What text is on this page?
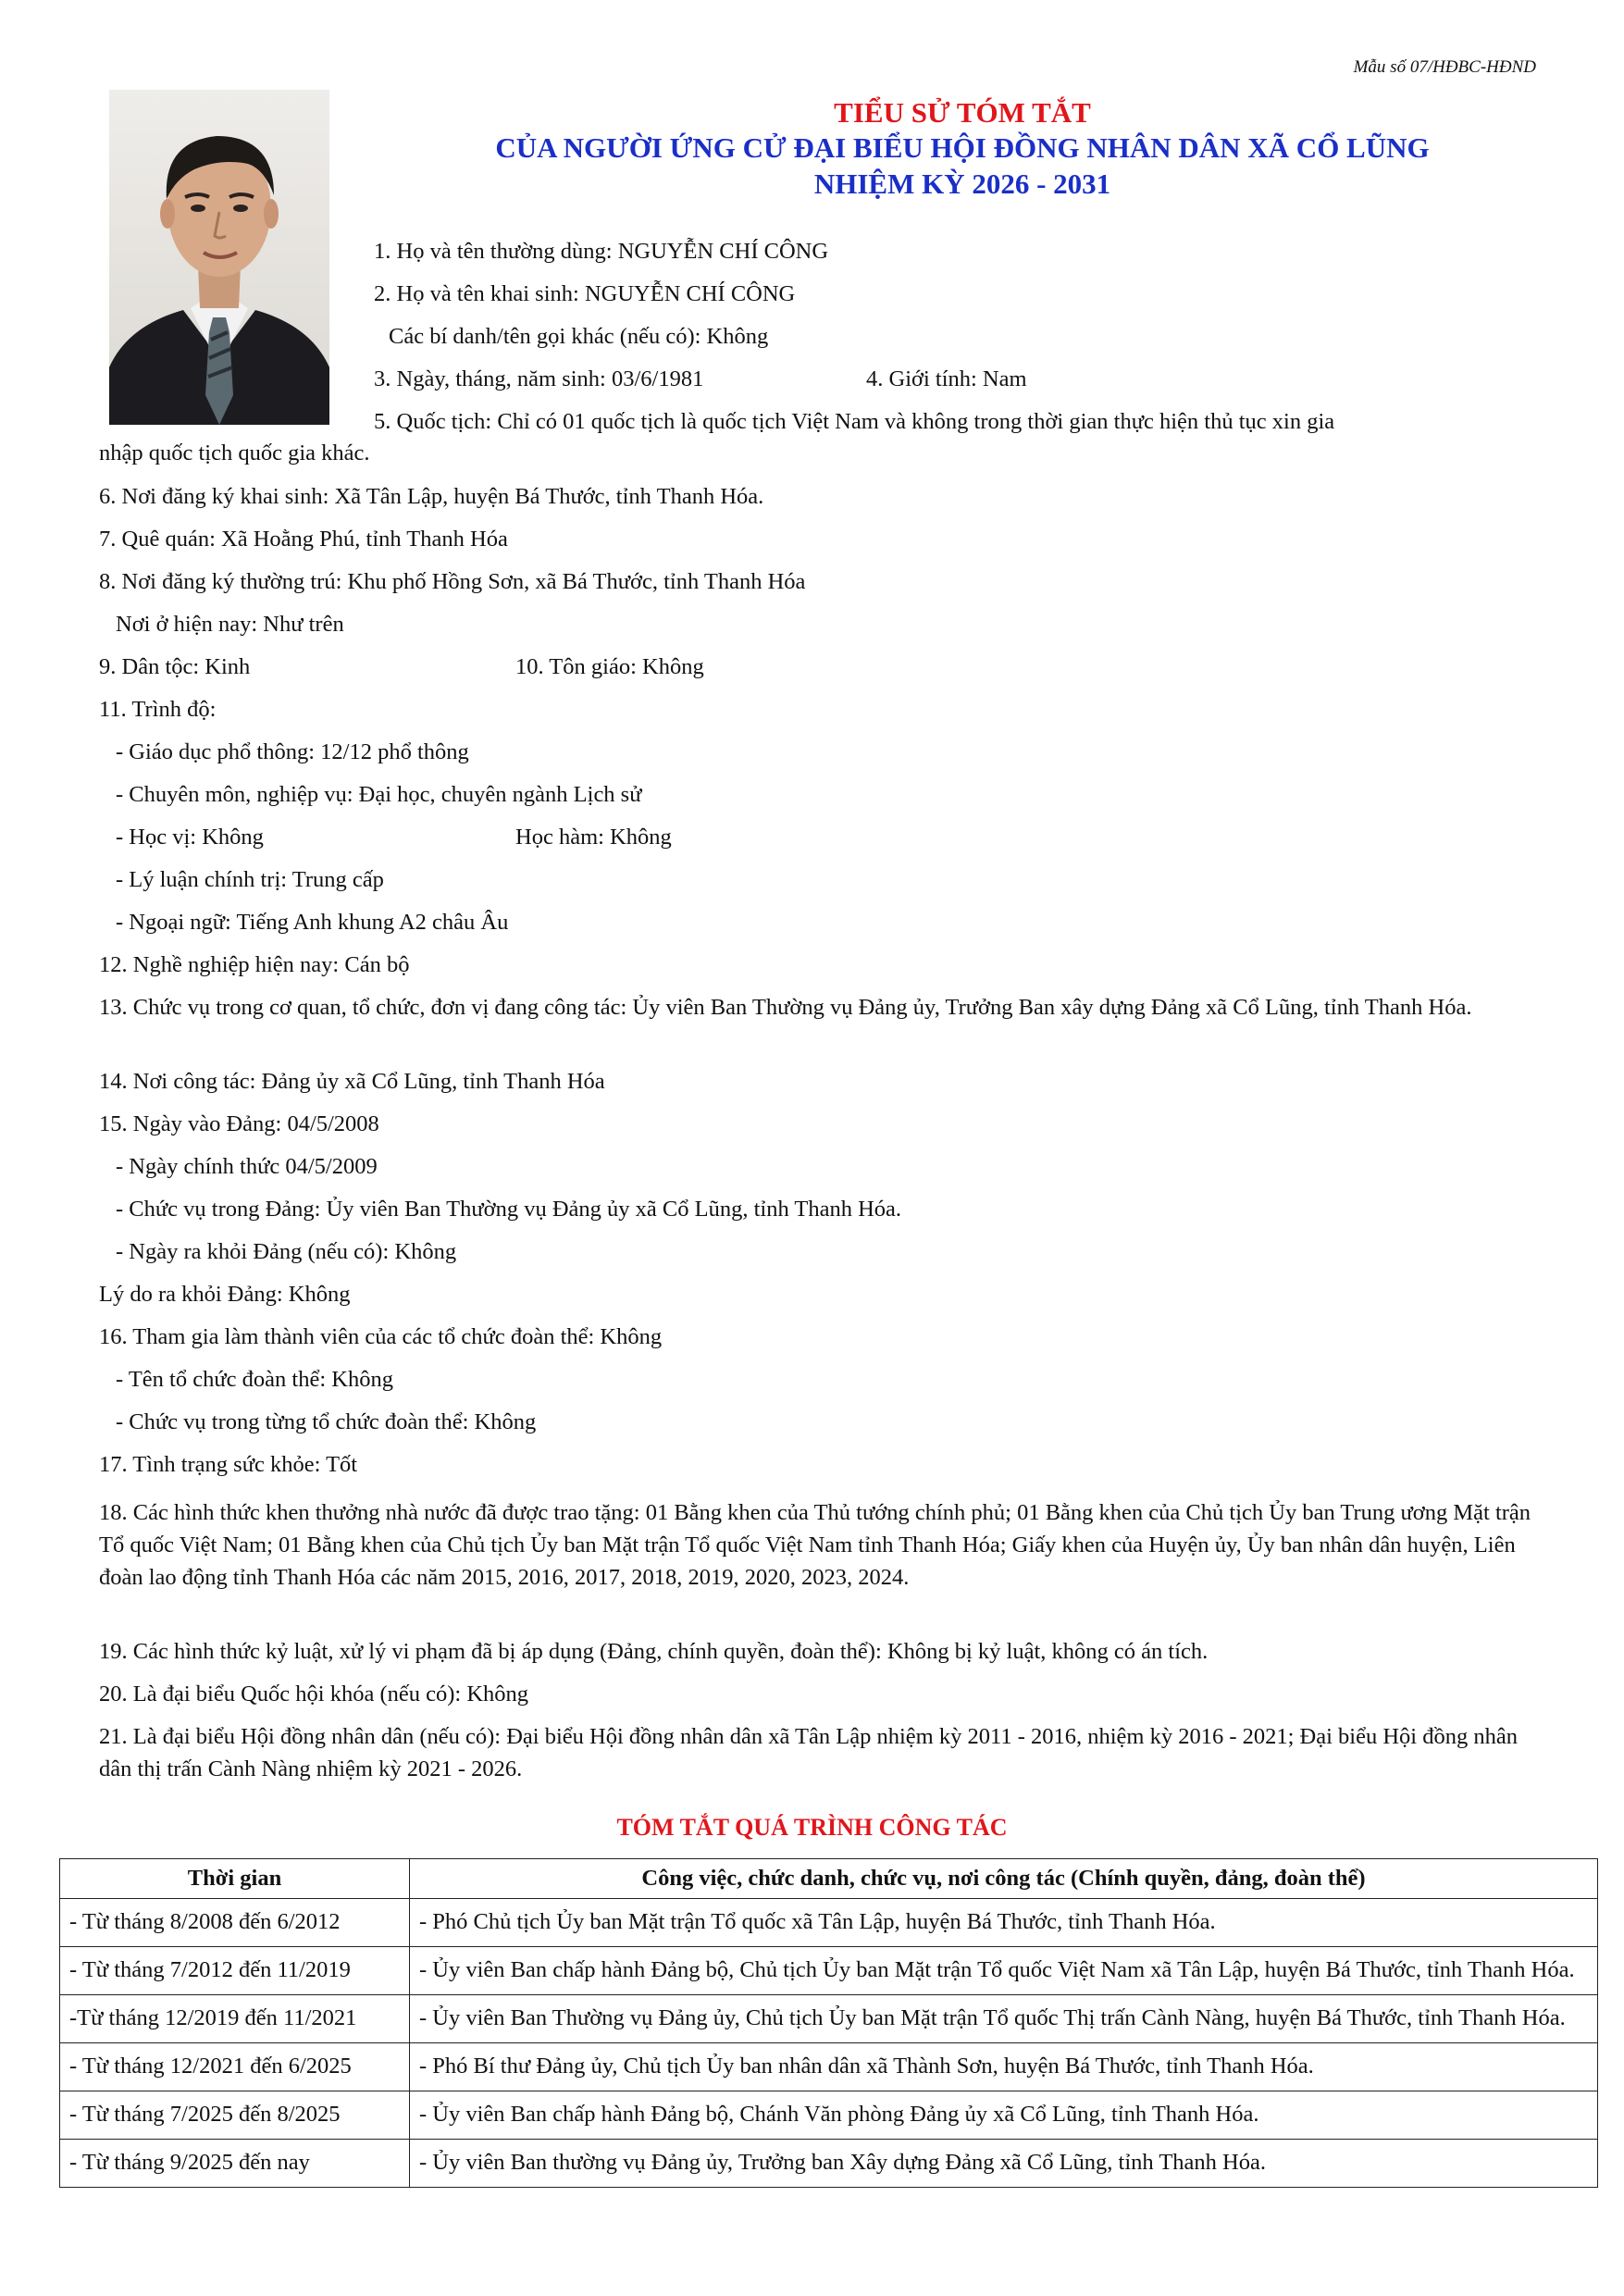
Mẫu số 07/HĐBC-HĐND
TIỂU SỬ TÓM TẮT
CỦA NGƯỜI ỨNG CỬ ĐẠI BIỂU HỘI ĐỒNG NHÂN DÂN XÃ CỔ LŨNG
NHIỆM KỲ 2026 - 2031
1. Họ và tên thường dùng: NGUYỄN CHÍ CÔNG
2. Họ và tên khai sinh: NGUYỄN CHÍ CÔNG
Các bí danh/tên gọi khác (nếu có): Không
3. Ngày, tháng, năm sinh: 03/6/1981	4. Giới tính: Nam
5. Quốc tịch: Chỉ có 01 quốc tịch là quốc tịch Việt Nam và không trong thời gian thực hiện thủ tục xin gia
nhập quốc tịch quốc gia khác.
6. Nơi đăng ký khai sinh: Xã Tân Lập, huyện Bá Thước, tỉnh Thanh Hóa.
7. Quê quán: Xã Hoằng Phú, tỉnh Thanh Hóa
8. Nơi đăng ký thường trú: Khu phố Hồng Sơn, xã Bá Thước, tỉnh Thanh Hóa
Nơi ở hiện nay: Như trên
9. Dân tộc: Kinh	10. Tôn giáo: Không
11. Trình độ:
- Giáo dục phổ thông: 12/12 phổ thông
- Chuyên môn, nghiệp vụ: Đại học, chuyên ngành Lịch sử
- Học vị: Không	Học hàm: Không
- Lý luận chính trị: Trung cấp
- Ngoại ngữ: Tiếng Anh khung A2 châu Âu
12. Nghề nghiệp hiện nay: Cán bộ
13. Chức vụ trong cơ quan, tổ chức, đơn vị đang công tác: Ủy viên Ban Thường vụ Đảng ủy, Trưởng Ban xây dựng Đảng xã Cổ Lũng, tỉnh Thanh Hóa.
14. Nơi công tác: Đảng ủy xã Cổ Lũng, tỉnh Thanh Hóa
15. Ngày vào Đảng: 04/5/2008
- Ngày chính thức 04/5/2009
- Chức vụ trong Đảng: Ủy viên Ban Thường vụ Đảng ủy xã Cổ Lũng, tỉnh Thanh Hóa.
- Ngày ra khỏi Đảng (nếu có): Không
Lý do ra khỏi Đảng: Không
16. Tham gia làm thành viên của các tổ chức đoàn thể: Không
- Tên tổ chức đoàn thể: Không
- Chức vụ trong từng tổ chức đoàn thể: Không
17. Tình trạng sức khỏe: Tốt
18. Các hình thức khen thưởng nhà nước đã được trao tặng: 01 Bằng khen của Thủ tướng chính phủ; 01 Bằng khen của Chủ tịch Ủy ban Trung ương Mặt trận Tổ quốc Việt Nam; 01 Bằng khen của Chủ tịch Ủy ban Mặt trận Tổ quốc Việt Nam tỉnh Thanh Hóa; Giấy khen của Huyện ủy, Ủy ban nhân dân huyện, Liên đoàn lao động tỉnh Thanh Hóa các năm 2015, 2016, 2017, 2018, 2019, 2020, 2023, 2024.
19. Các hình thức kỷ luật, xử lý vi phạm đã bị áp dụng (Đảng, chính quyền, đoàn thể): Không bị kỷ luật, không có án tích.
20. Là đại biểu Quốc hội khóa (nếu có): Không
21. Là đại biểu Hội đồng nhân dân (nếu có): Đại biểu Hội đồng nhân dân xã Tân Lập nhiệm kỳ 2011 - 2016, nhiệm kỳ 2016 - 2021; Đại biểu Hội đồng nhân dân thị trấn Cành Nàng nhiệm kỳ 2021 - 2026.
TÓM TẮT QUÁ TRÌNH CÔNG TÁC
Thời gian	Công việc, chức danh, chức vụ, nơi công tác (Chính quyền, đảng, đoàn thể)
- Từ tháng 8/2008 đến 6/2012	- Phó Chủ tịch Ủy ban Mặt trận Tổ quốc xã Tân Lập, huyện Bá Thước, tỉnh Thanh Hóa.
- Từ tháng 7/2012 đến 11/2019	- Ủy viên Ban chấp hành Đảng bộ, Chủ tịch Ủy ban Mặt trận Tổ quốc Việt Nam xã Tân Lập, huyện Bá Thước, tỉnh Thanh Hóa.
-Từ tháng 12/2019 đến 11/2021	- Ủy viên Ban Thường vụ Đảng ủy, Chủ tịch Ủy ban Mặt trận Tổ quốc Thị trấn Cành Nàng, huyện Bá Thước, tỉnh Thanh Hóa.
- Từ tháng 12/2021 đến 6/2025	- Phó Bí thư Đảng ủy, Chủ tịch Ủy ban nhân dân xã Thành Sơn, huyện Bá Thước, tỉnh Thanh Hóa.
- Từ tháng 7/2025 đến 8/2025	- Ủy viên Ban chấp hành Đảng bộ, Chánh Văn phòng Đảng ủy xã Cổ Lũng, tỉnh Thanh Hóa.
- Từ tháng 9/2025 đến nay	- Ủy viên Ban thường vụ Đảng ủy, Trưởng ban Xây dựng Đảng xã Cổ Lũng, tỉnh Thanh Hóa.
